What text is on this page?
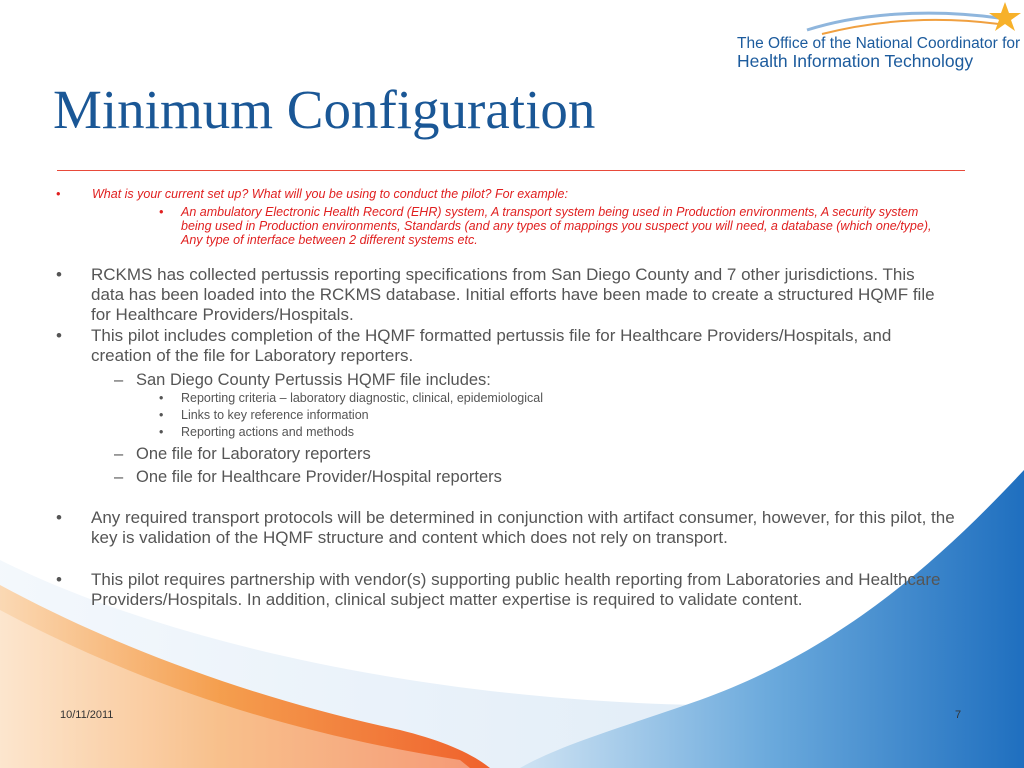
The Office of the National Coordinator for
Health Information Technology
Minimum Configuration
•	What is your current set up? What will you be using to conduct the pilot? For example:
• An ambulatory Electronic Health Record (EHR) system, A transport system being used in Production environments, A security system being used in Production environments, Standards (and any types of mappings you suspect you will need, a database (which one/type), Any type of interface between 2 different systems etc.
• RCKMS has collected pertussis reporting specifications from San Diego County and 7 other jurisdictions. This data has been loaded into the RCKMS database. Initial efforts have been made to create a structured HQMF file for Healthcare Providers/Hospitals.
• This pilot includes completion of the HQMF formatted pertussis file for Healthcare Providers/Hospitals, and creation of the file for Laboratory reporters.
– San Diego County Pertussis HQMF file includes:
• Reporting criteria – laboratory diagnostic, clinical, epidemiological
• Links to key reference information
• Reporting actions and methods
– One file for Laboratory reporters
– One file for Healthcare Provider/Hospital reporters
• Any required transport protocols will be determined in conjunction with artifact consumer, however, for this pilot, the key is validation of the HQMF structure and content which does not rely on transport.
• This pilot requires partnership with vendor(s) supporting public health reporting from Laboratories and Healthcare Providers/Hospitals. In addition, clinical subject matter expertise is required to validate content.
10/11/2011	7
